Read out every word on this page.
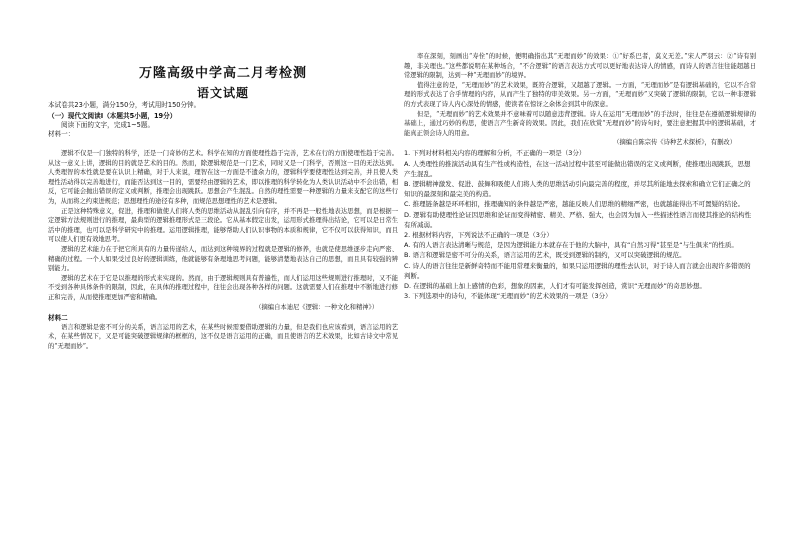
万隆高级中学高二月考检测
语文试题
本试卷共23小题，满分150分，考试用时150分钟。
（一）现代文阅读Ⅰ（本题共5小题，19分）
阅读下面的文字，完成1~5题。
材料一：

逻辑不仅是一门独特的科学，还是一门奇妙的艺术。科学在知的方面使理性趋于完善，艺术在行的方面使理性趋于完善。从这一意义上讲，逻辑的目的就是艺术的目的。然而，除逻辑规范是一门艺术，同时又是一门科学，否则这一目的无法达到。人类理智的本性就是要在认识上精确，对于人来说，理智在这一方面是不遗余力的，逻辑科学要使理性达到完善，并且使人类理性活动得以完善地进行，而能否达到这一目的，需要经由逻辑的艺术，即以推理的科学转化为人类认识活动中不会出错，相反，它可能会抛出错误的定义或判断，推理会出现跳跃。思想会产生混乱。自然的理性需要一种逻辑的力量来支配它的这些行为，从而将之约束进规范；思想理性的途径有多种，而规范思想理性的艺术是逻辑。

正是这种特殊意义，促进，推理和做使人们将人类的思维活动从混乱引向有序，并不再是一般性地表达思想，而是根据一定逻辑方法规则进行的推理，最典型的逻辑推理形式是三段论。它从基本假定出发，运用形式推理得出结论，它可以是日常生活中的推理，也可以是科学研究中的推理。运用逻辑推理，能够帮助人们认识事物的本质和规律，它不仅可以获得知识，而且可以使人们更有效地思考。

逻辑的艺术能力在于把它所具有的力量传递给人，而达到这种境界的过程就是逻辑的修养，也就是使思维逐步走向严密、精确的过程。一个人如果受过良好的逻辑训练，他就能够有条理地思考问题，能够清楚地表达自己的思想，而且具有较强的辨别能力。

逻辑的艺术在于它是以推理的形式来实现的。然而，由于逻辑规则具有普遍性，而人们运用这些规则进行推理时，又不能不受到各种具体条件的限制，因此，在具体的推理过程中，往往会出现各种各样的问题。这就需要人们在推理中不断地进行修正和完善，从而使推理更加严密和精确。

（摘编自本迪尼《逻辑：一种文化和精神》）
材料二

语言和逻辑是密不可分的关系，语言运用的艺术，在某些时候需要借助逻辑的力量，但是我们也应该看到，语言运用的艺术，在某些情况下，又是可能突破逻辑规律的框框的，这不仅是语言运用的正确，而且使语言的艺术效果，比如古诗文中常见的“无理而妙”。

率在深刻，刻画出“寿佺”的时候，便明确指出其“无理而妙”的效果：①“好系巴者，莫义无差。”宋人严羽云：②“诗有别趣，非关理也。”这些都说明在某种场合，“不合逻辑”的语言表达方式可以更好地表达诗人的情感，而诗人的语言往往能超越日常逻辑的限制，达到一种“无理而妙”的境界。

值得注意的是，“无理而妙”的艺术效果，既符合逻辑，又超越了逻辑。一方面，“无理而妙”是有逻辑基础的，它以不合常理的形式表达了合乎情理的内容，从而产生了独特的审美效果。另一方面，“无理而妙”又突破了逻辑的限制，它以一种非逻辑的方式表现了诗人内心深处的情感，使读者在惊讶之余体会到其中的深意。

但是，“无理而妙”的艺术效果并不意味着可以随意违背逻辑。诗人在运用“无理而妙”的手法时，往往是在遵循逻辑规律的基础上，通过巧妙的构思，使语言产生新奇的效果。因此，我们在欣赏“无理而妙”的诗句时，要注意把握其中的逻辑基础，才能真正领会诗人的用意。

（摘编自陈宗传《诗种艺术探析》，有删改）

1. 下列对材料相关内容的理解和分析，不正确的一项是（3分）

A. 人类理性的推演活动具有生产性或构造性，在这一活动过程中甚至可能做出错误的定义或判断，使推理出现跳跃，思想产生混乱。

B. 逻辑精神激发、促进、鼓舞和吸使人们将人类的思维活动引向最完善的程度，并尽其所能地去探索和确立它们正确之的知识的最深刻和最完美的构造。

C. 推理链条越是环环相扣，推理确知的条件越是严密，越能反映人们思维的精细严密，也就越能得出不可置疑的结论。

D. 逻辑有助使理性论证因思维和论证而变得精密、精美、严格、强大，也会因为加入一些描述性语言而使其推论的结构性有所减弱。

2. 根据材料内容，下列说法不正确的一项是（3分）

A. 有的人语言表达清晰与规范，是因为逻辑能力本就存在于他的大脑中，具有“自然习得”甚至是“与生俱来”的性质。

B. 语言和逻辑是密不可分的关系，语言运用的艺术，既受到逻辑的制约，又可以突破逻辑的规范。

C. 诗人的语言往往是新鲜奇特而不能用常理来衡量的，如果只运用逻辑的理性去认识，对于诗人而言就会出现许多错误的判断。

D. 在逻辑的基础上加上感情的色彩，想象的因素，人们才有可能发挥创造，赏识“无理而妙”的奇思妙想。

3. 下列选项中的诗句，不能体现“无理而妙”的艺术效果的一项是（3分）
